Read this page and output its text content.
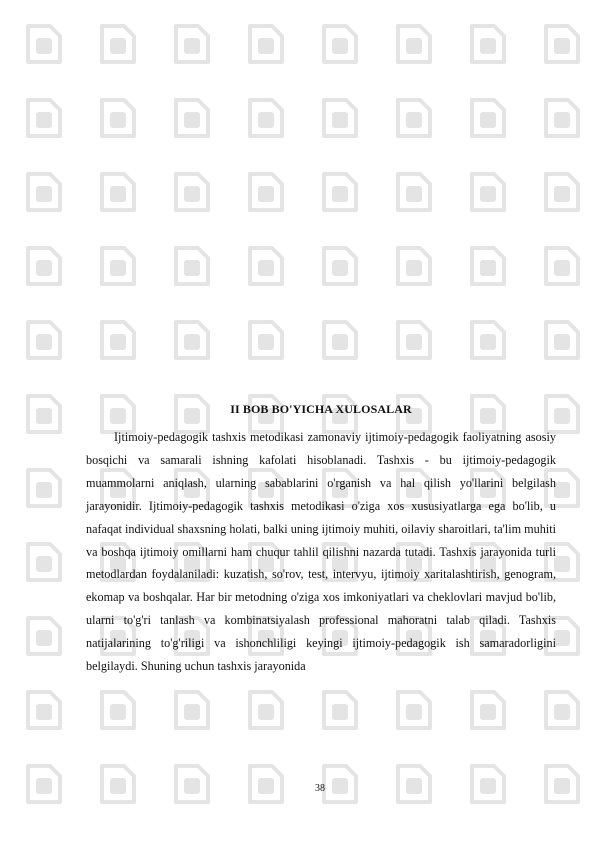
II BOB BO'YICHA XULOSALAR

Ijtimoiy-pedagogik tashxis metodikasi zamonaviy ijtimoiy-pedagogik faoliyatning asosiy bosqichi va samarali ishning kafolati hisoblanadi. Tashxis - bu ijtimoiy-pedagogik muammolarni aniqlash, ularning sabablarini o'rganish va hal qilish yo'llarini belgilash jarayonidir. Ijtimoiy-pedagogik tashxis metodikasi o'ziga xos xususiyatlarga ega bo'lib, u nafaqat individual shaxsning holati, balki uning ijtimoiy muhiti, oilaviy sharoitlari, ta'lim muhiti va boshqa ijtimoiy omillarni ham chuqur tahlil qilishni nazarda tutadi. Tashxis jarayonida turli metodlardan foydalaniladi: kuzatish, so'rov, test, intervyu, ijtimoiy xaritalashtirish, genogram, ekomap va boshqalar. Har bir metodning o'ziga xos imkoniyatlari va cheklovlari mavjud bo'lib, ularni to'g'ri tanlash va kombinatsiyalash professional mahoratni talab qiladi. Tashxis natijalarining to'g'riligi va ishonchliligi keyingi ijtimoiy-pedagogik ish samaradorligini belgilaydi. Shuning uchun tashxis jarayonida

38
